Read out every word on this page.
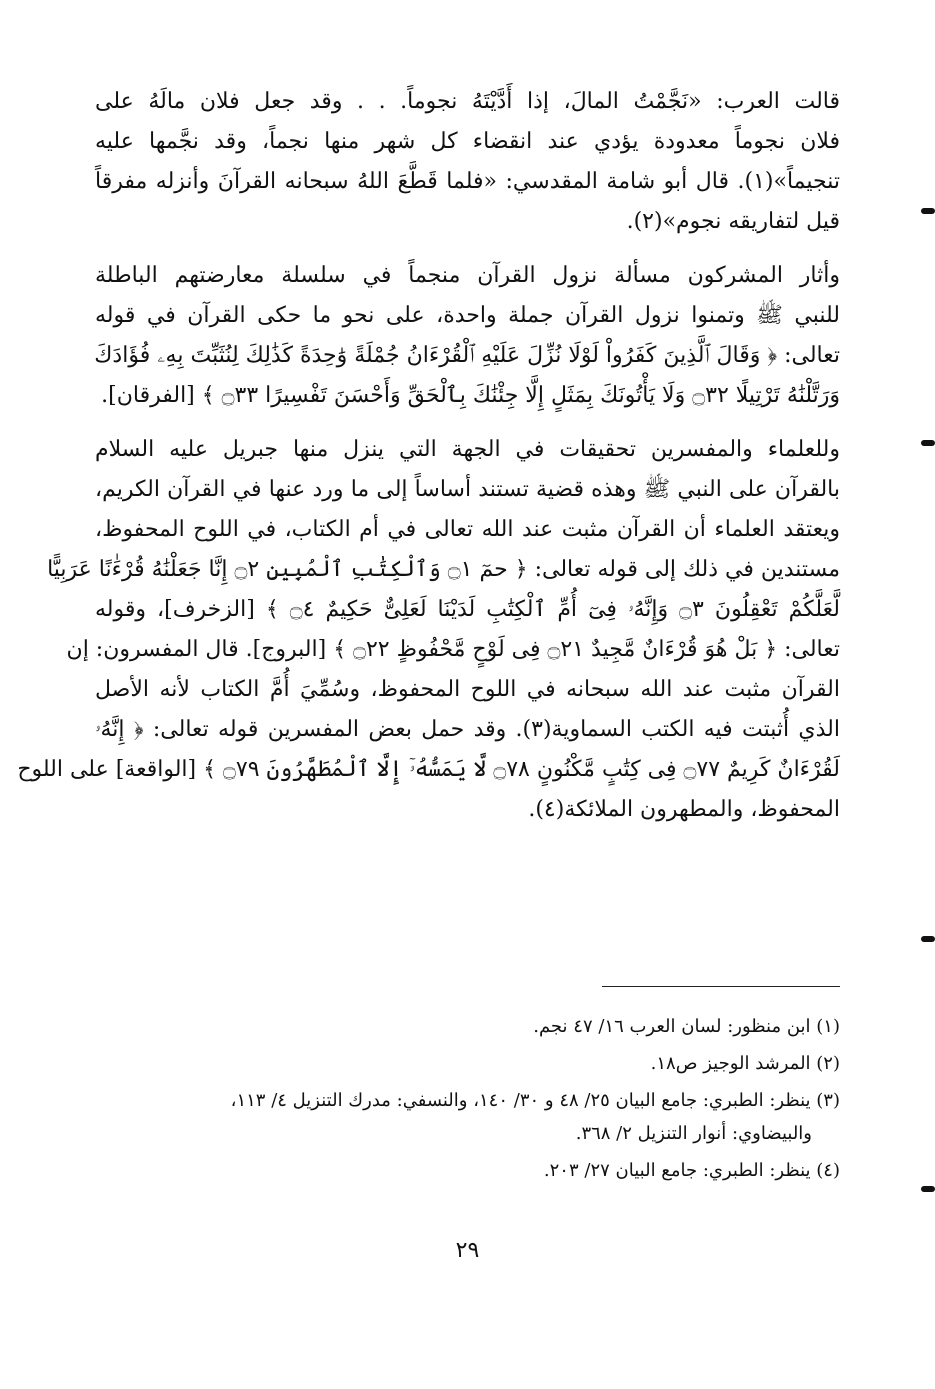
قالت العرب: «نَجَّمْتُ المالَ، إذا أَدَّيْتَهُ نجوماً. . . وقد جعل فلان مالَهُ على
فلان نجوماً معدودة يؤدي عند انقضاء كل شهر منها نجماً، وقد نجَّمها عليه
تنجيماً»(١). قال أبو شامة المقدسي: «فلما قَطَّعَ اللهُ سبحانه القرآنَ وأنزله مفرقاً
قيل لتفاريقه نجوم»(٢).

وأثار المشركون مسألة نزول القرآن منجماً في سلسلة معارضتهم الباطلة
للنبي ﷺ وتمنوا نزول القرآن جملة واحدة، على نحو ما حكى القرآن في قوله
تعالى: ﴿ وَقَالَ ٱلَّذِينَ كَفَرُواْ لَوْلَا نُزِّلَ عَلَيْهِ ٱلْقُرْءَانُ جُمْلَةً وَٰحِدَةً كَذَٰلِكَ لِنُثَبِّتَ بِهِۦ فُؤَادَكَ
وَرَتَّلْنَٰهُ تَرْتِيلًا ۝٣٢ وَلَا يَأْتُونَكَ بِمَثَلٍ إِلَّا جِئْنَٰكَ بِٱلْحَقِّ وَأَحْسَنَ تَفْسِيرًا ۝٣٣ ﴾ [الفرقان].

وللعلماء والمفسرين تحقيقات في الجهة التي ينزل منها جبريل عليه السلام
بالقرآن على النبي ﷺ وهذه قضية تستند أساساً إلى ما ورد عنها في القرآن الكريم،
ويعتقد العلماء أن القرآن مثبت عند الله تعالى في أم الكتاب، في اللوح المحفوظ،
مستندين في ذلك إلى قوله تعالى: ﴿ حمٓ ۝١ وَٱلْكِتَٰبِ ٱلْمُبِينِ ۝٢ إِنَّا جَعَلْنَٰهُ قُرْءَٰنًا عَرَبِيًّا
لَّعَلَّكُمْ تَعْقِلُونَ ۝٣ وَإِنَّهُۥ فِىٓ أُمِّ ٱلْكِتَٰبِ لَدَيْنَا لَعَلِىٌّ حَكِيمٌ ۝٤ ﴾ [الزخرف]، وقوله
تعالى: ﴿ بَلْ هُوَ قُرْءَانٌ مَّجِيدٌ ۝٢١ فِى لَوْحٍ مَّحْفُوظٍ ۝٢٢ ﴾ [البروج]. قال المفسرون: إن
القرآن مثبت عند الله سبحانه في اللوح المحفوظ، وسُمِّيَ أُمَّ الكتاب لأنه الأصل
الذي أُثبتت فيه الكتب السماوية(٣). وقد حمل بعض المفسرين قوله تعالى: ﴿ إِنَّهُۥ
لَقُرْءَانٌ كَرِيمٌ ۝٧٧ فِى كِتَٰبٍ مَّكْنُونٍ ۝٧٨ لَّا يَمَسُّهُۥٓ إِلَّا ٱلْمُطَهَّرُونَ ۝٧٩ ﴾ [الواقعة] على اللوح
المحفوظ، والمطهرون الملائكة(٤).

(١) ابن منظور: لسان العرب ١٦/ ٤٧ نجم.
(٢) المرشد الوجيز ص١٨.
(٣) ينظر: الطبري: جامع البيان ٢٥/ ٤٨ و ٣٠/ ١٤٠، والنسفي: مدرك التنزيل ٤/ ١١٣،
والبيضاوي: أنوار التنزيل ٢/ ٣٦٨.
(٤) ينظر: الطبري: جامع البيان ٢٧/ ٢٠٣.
٢٩
